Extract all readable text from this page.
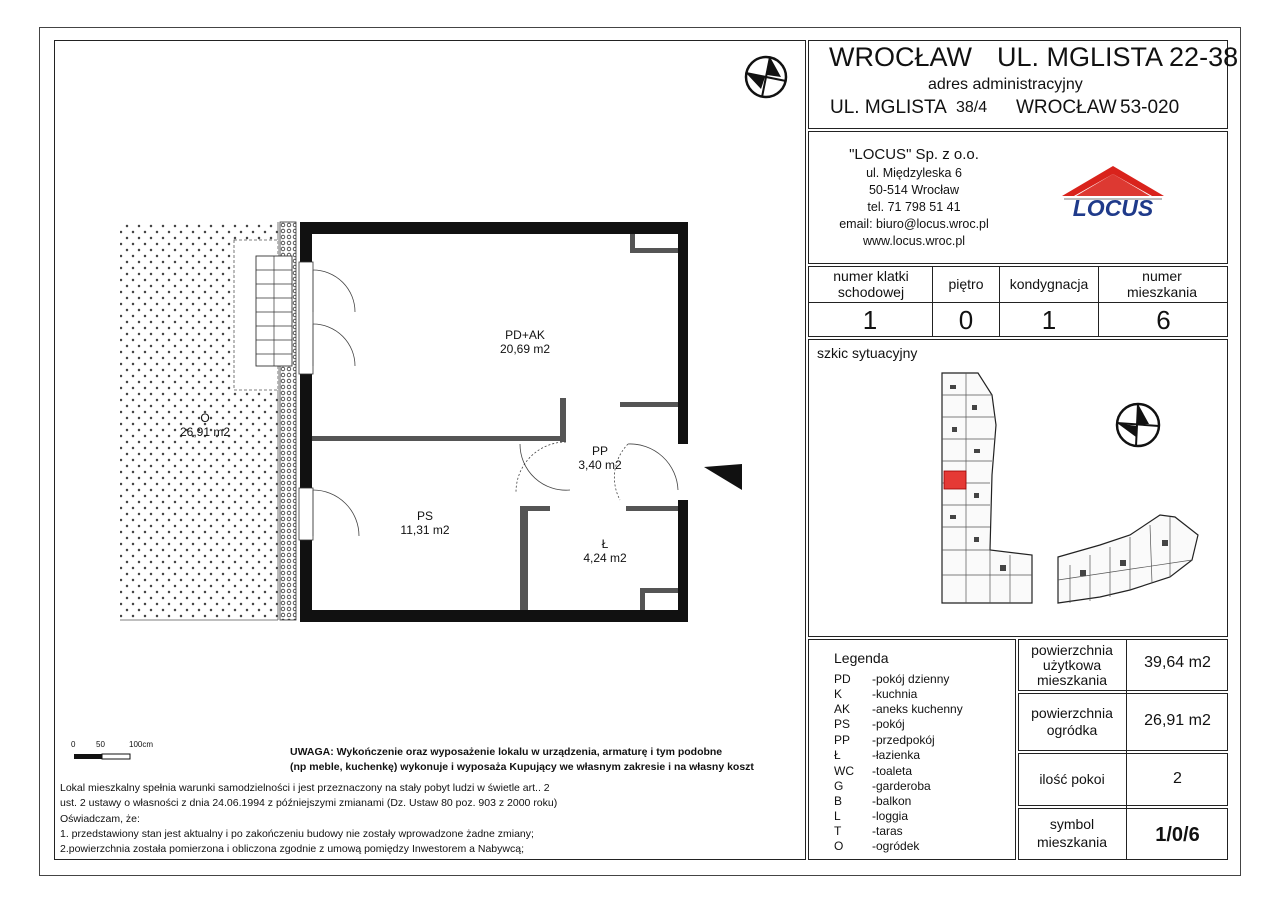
WROCŁAW UL. MGLISTA 22-38
adres administracyjny
UL. MGLISTA 38/4 WROCŁAW 53-020
"LOCUS" Sp. z o.o.
ul. Międzyleska 6
50-514 Wrocław
tel. 71 798 51 41
email: biuro@locus.wroc.pl
www.locus.wroc.pl
LOCUS
numer klatki schodowej	piętro	kondygnacja	numer mieszkania
1	0	1	6
szkic sytuacyjny
Legenda
PD -pokój dzienny
K -kuchnia
AK -aneks kuchenny
PS -pokój
PP -przedpokój
Ł	-łazienka
WC -toaleta
G -garderoba
B -balkon
L	-loggia
T	-taras
O -ogródek
powierzchnia
użytkowa
mieszkania
39,64 m2
powierzchnia
ogródka
26,91 m2
ilość pokoi	2
symbol
mieszkania	1/0/6
PD+AK
20,69 m2
PP
3,40 m2
PS
11,31 m2
Ł
4,24 m2
O
26,91 m2
0	50	100cm
UWAGA: Wykończenie oraz wyposażenie lokalu w urządzenia, armaturę i tym podobne
(np meble, kuchenkę) wykonuje i wyposaża Kupujący we własnym zakresie i na własny koszt
Lokal mieszkalny spełnia warunki samodzielności i jest przeznaczony na stały pobyt ludzi w świetle art.. 2
ust. 2 ustawy o własności z dnia 24.06.1994 z późniejszymi zmianami (Dz. Ustaw 80 poz. 903 z 2000 roku)
Oświadczam, że:
1. przedstawiony stan jest aktualny i po zakończeniu budowy nie zostały wprowadzone żadne zmiany;
2.powierzchnia została pomierzona i obliczona zgodnie z umową pomiędzy Inwestorem a Nabywcą;
